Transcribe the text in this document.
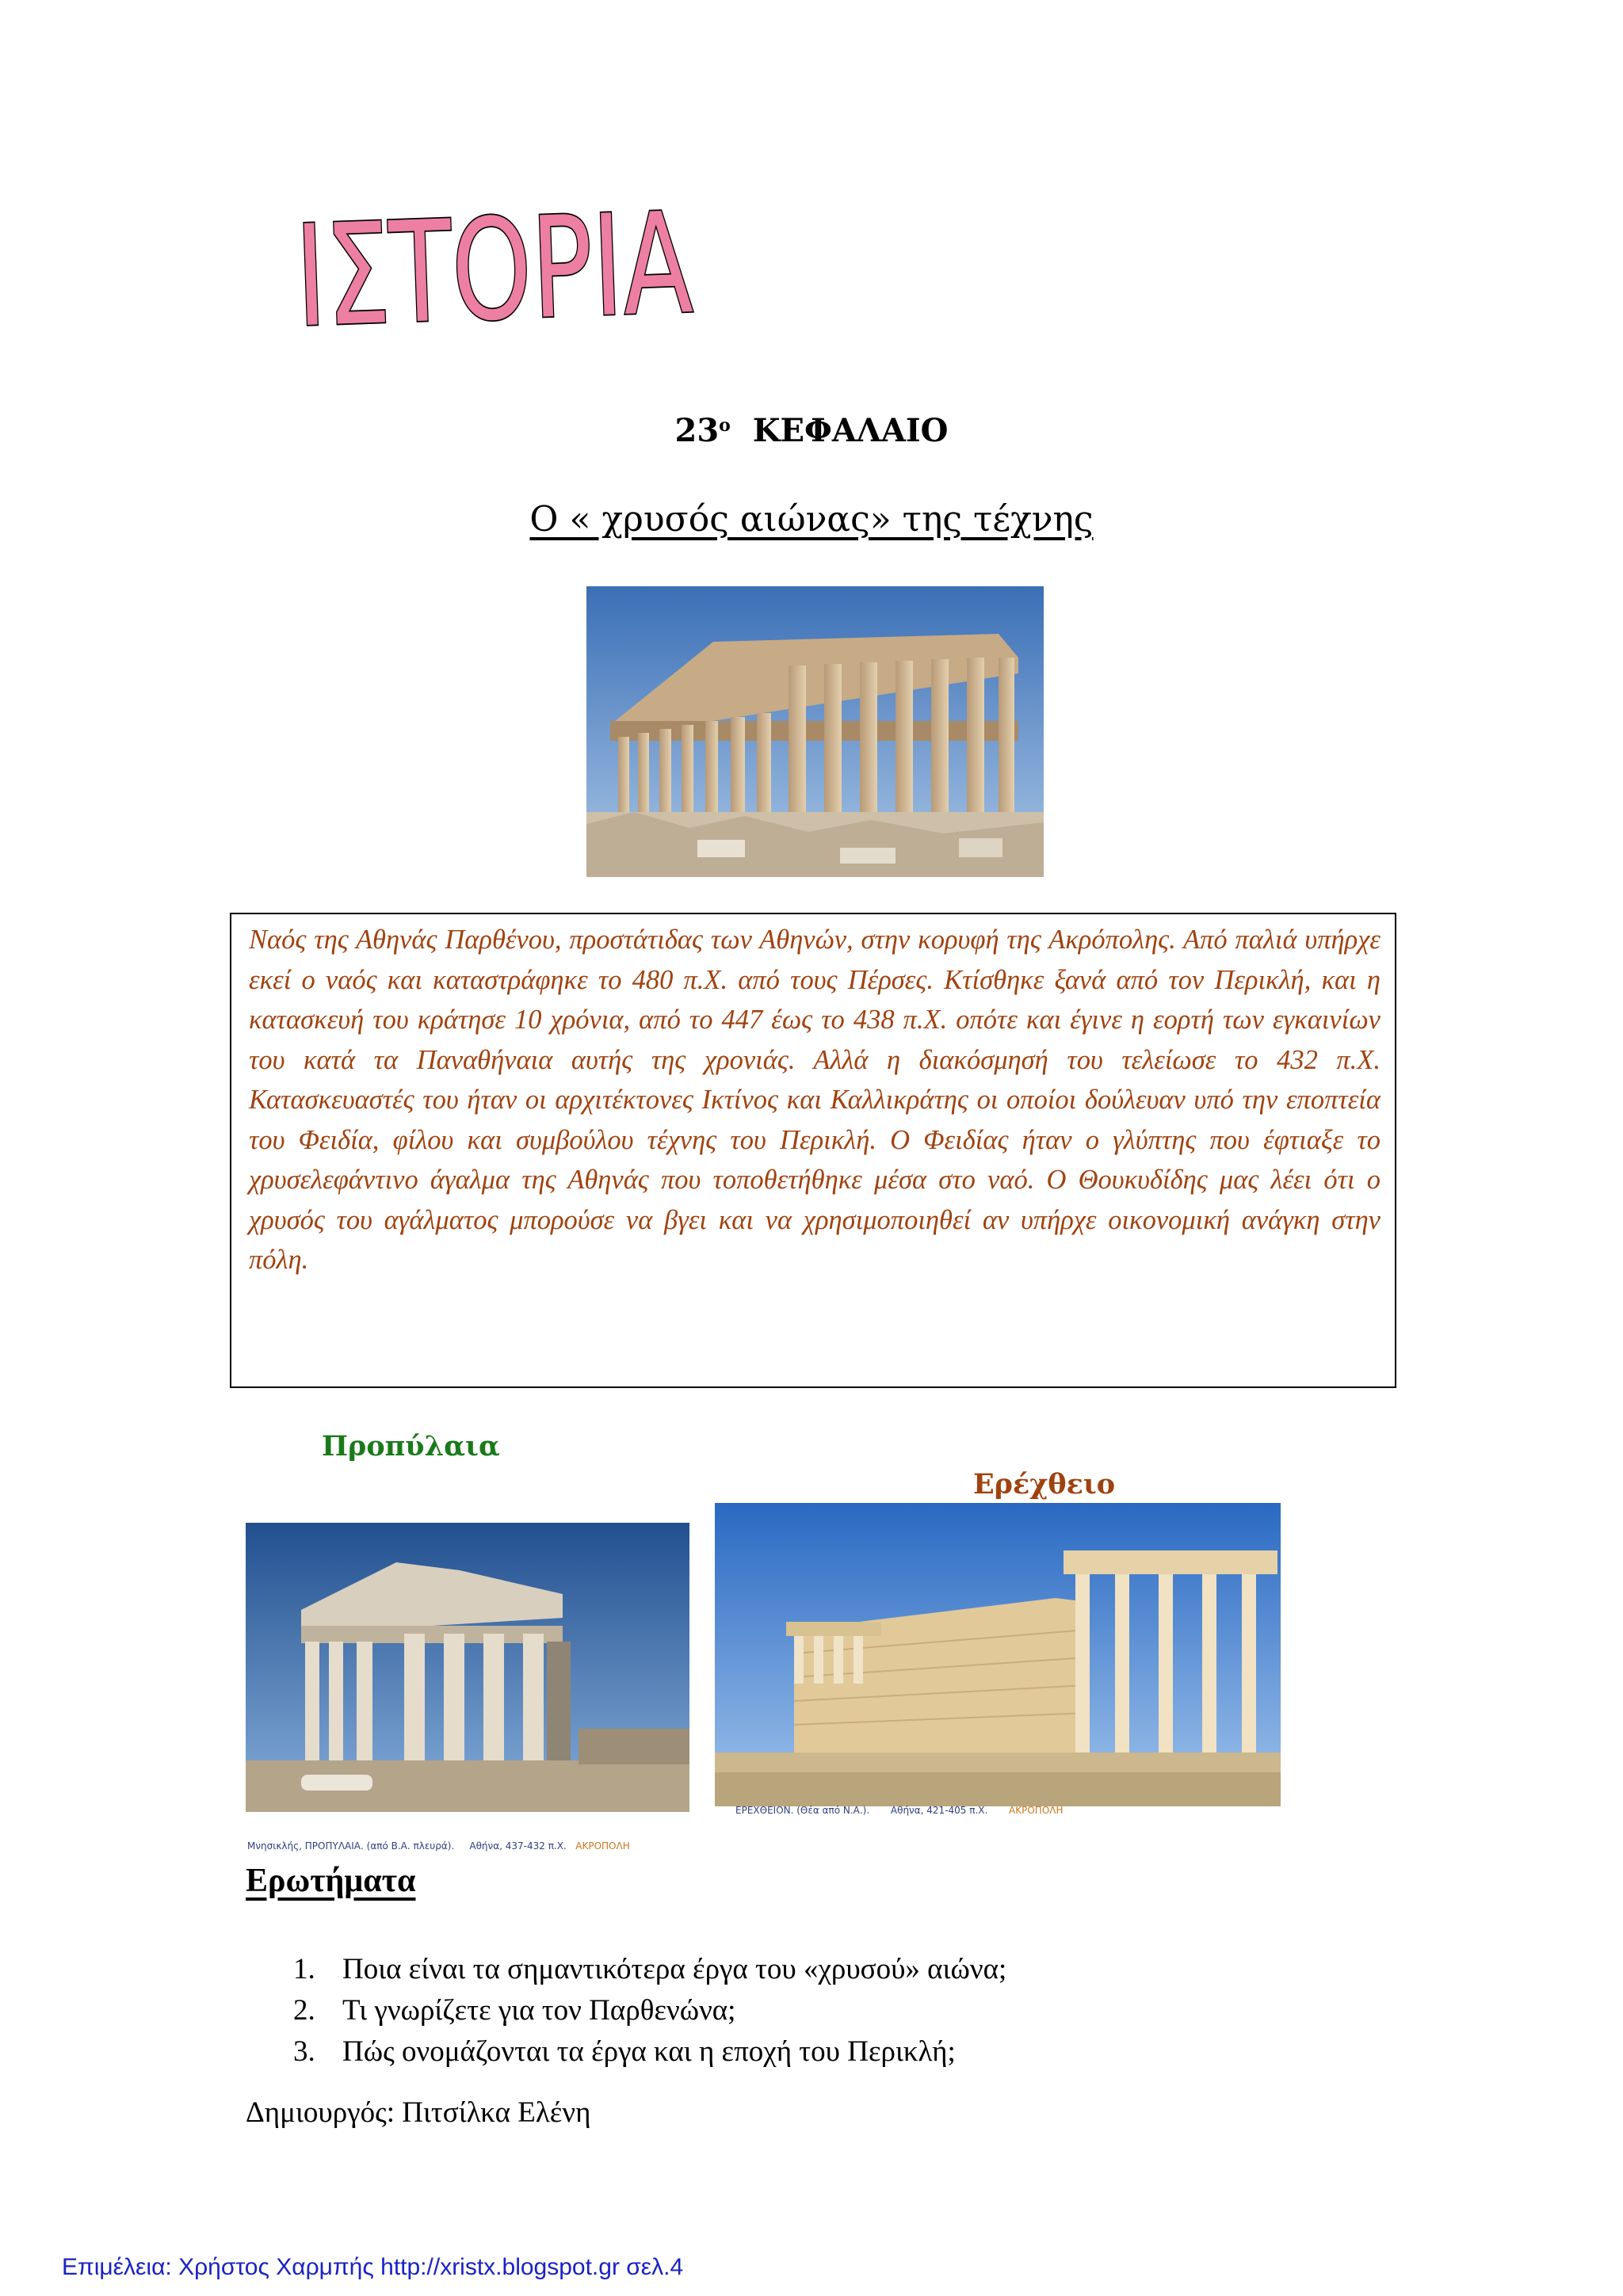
ΙΣΤΟΡΙΑ
$23^o$ ΚΕΦΑΛΑΙΟ
Ο « χρυσός αιώνας» της τέχνης

Ναός της Αθηνάς Παρθένου, προστάτιδας των Αθηνών, στην κορυφή της Ακρόπολης. Από παλιά υπήρχε εκεί ο ναός και καταστράφηκε το 480 π.Χ. από τους Πέρσες. Κτίσθηκε ξανά από τον Περικλή, και η κατασκευή του κράτησε 10 χρόνια, από το 447 έως το 438 π.Χ. οπότε και έγινε η εορτή των εγκαινίων του κατά τα Παναθήναια αυτής της χρονιάς. Αλλά η διακόσμησή του τελείωσε το 432 π.Χ. Κατασκευαστές του ήταν οι αρχιτέκτονες Ικτίνος και Καλλικράτης οι οποίοι δούλευαν υπό την εποπτεία του Φειδία, φίλου και συμβούλου τέχνης του Περικλή. Ο Φειδίας ήταν ο γλύπτης που έφτιαξε το χρυσελεφάντινο άγαλμα της Αθηνάς που τοποθετήθηκε μέσα στο ναό. Ο Θουκυδίδης μας λέει ότι ο χρυσός του αγάλματος μπορούσε να βγει και να χρησιμοποιηθεί αν υπήρχε οικονομική ανάγκη στην πόλη.

Προπύλαια
Ερέχθειο
Μνησικλής, ΠΡΟΠΥΛΑΙΑ. (από Β.Α. πλευρά). Αθήνα, 437-432 π.Χ. ΑΚΡΟΠΟΛΗ
ΕΡΕΧΘΕΙΟΝ. (Θέα από Ν.Α.). Αθήνα, 421-405 π.Χ. ΑΚΡΟΠΟΛΗ
Ερωτήματα
1. Ποια είναι τα σημαντικότερα έργα του «χρυσού» αιώνα;
2. Τι γνωρίζετε για τον Παρθενώνα;
3. Πώς ονομάζονται τα έργα και η εποχή του Περικλή;
Δημιουργός: Πιτσίλκα Ελένη
Επιμέλεια: Χρήστος Χαρμπής http://xristx.blogspot.gr σελ.4
